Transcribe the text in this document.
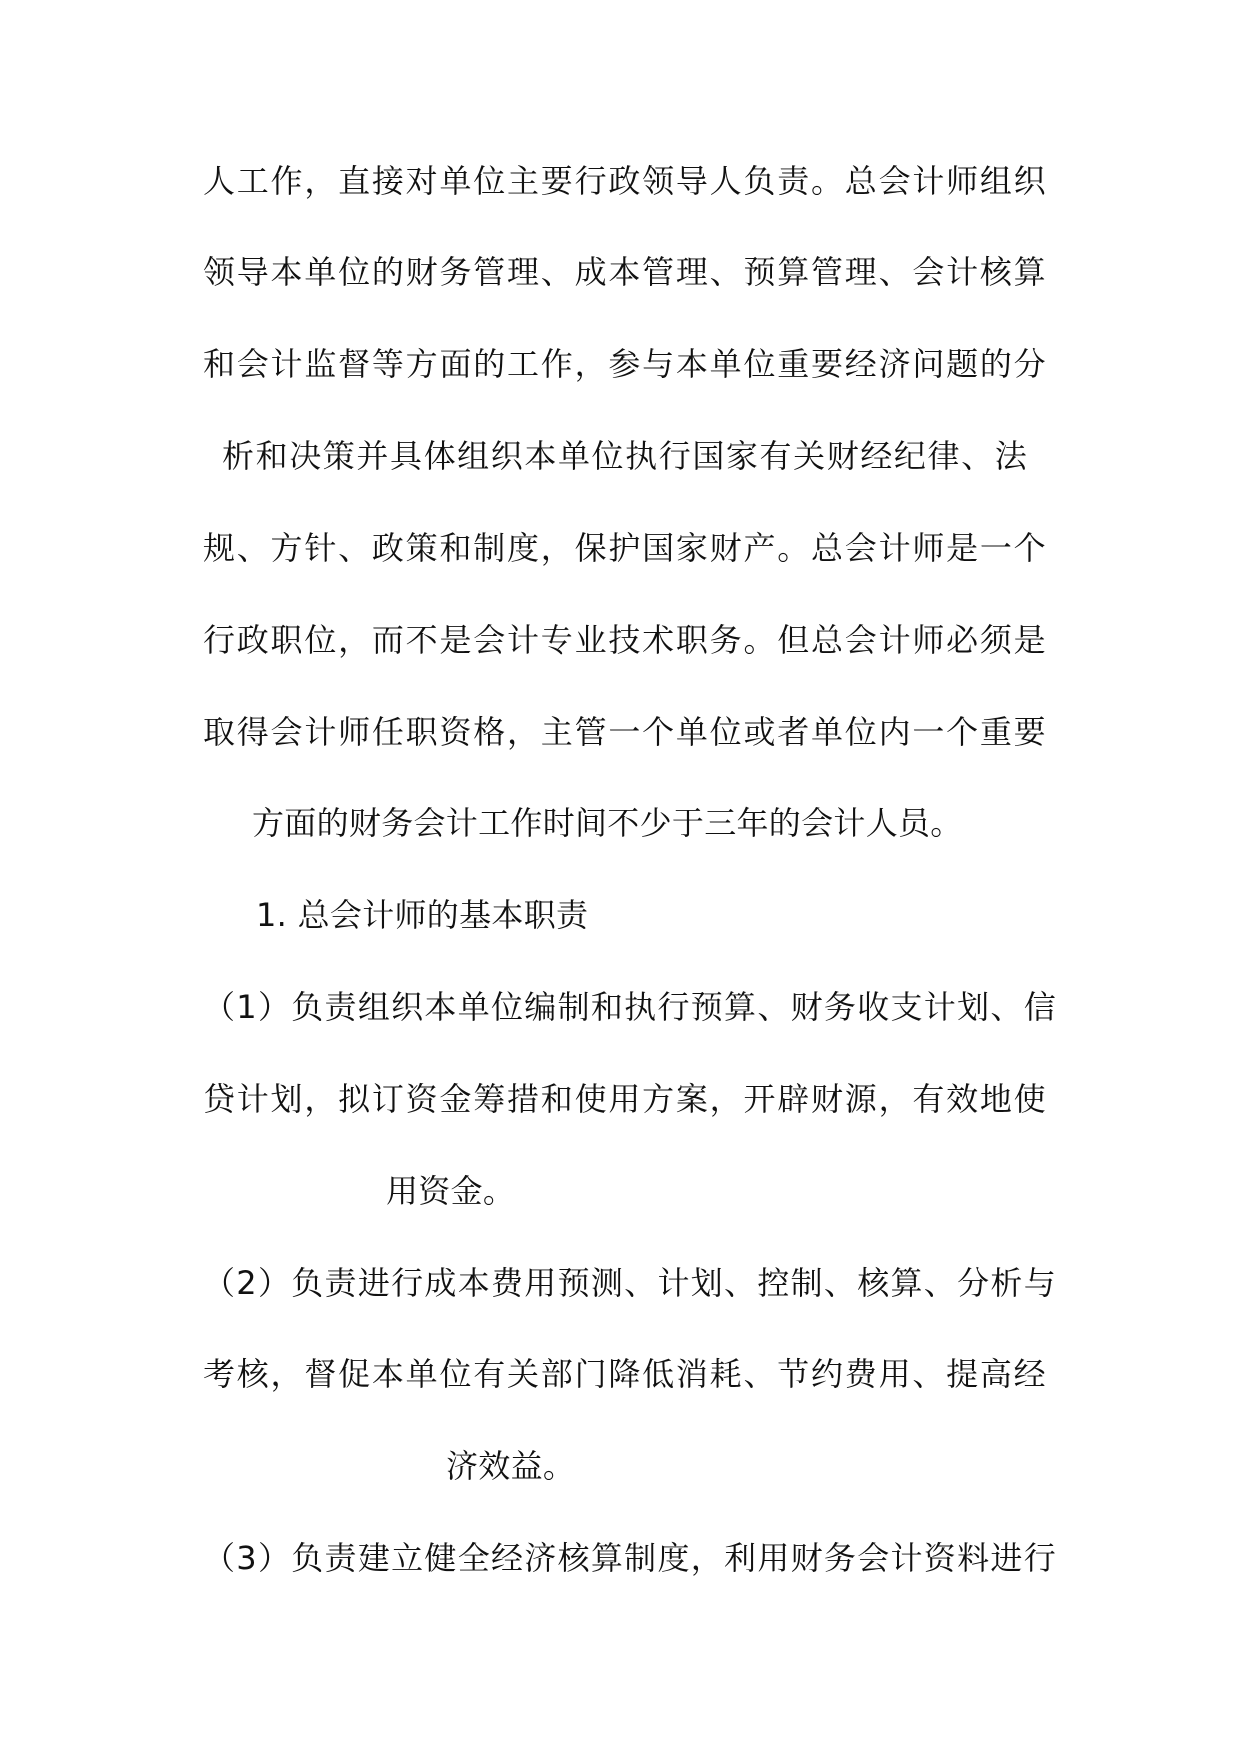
人工作，直接对单位主要行政领导人负责。总会计师组织

领导本单位的财务管理、成本管理、预算管理、会计核算

和会计监督等方面的工作，参与本单位重要经济问题的分

析和决策并具体组织本单位执行国家有关财经纪律、法

规、方针、政策和制度，保护国家财产。总会计师是一个

行政职位，而不是会计专业技术职务。但总会计师必须是

取得会计师任职资格，主管一个单位或者单位内一个重要

方面的财务会计工作时间不少于三年的会计人员。

1. 总会计师的基本职责

（1）负责组织本单位编制和执行预算、财务收支计划、信

贷计划，拟订资金筹措和使用方案，开辟财源，有效地使

用资金。

（2）负责进行成本费用预测、计划、控制、核算、分析与

考核，督促本单位有关部门降低消耗、节约费用、提高经

济效益。

（3）负责建立健全经济核算制度，利用财务会计资料进行
